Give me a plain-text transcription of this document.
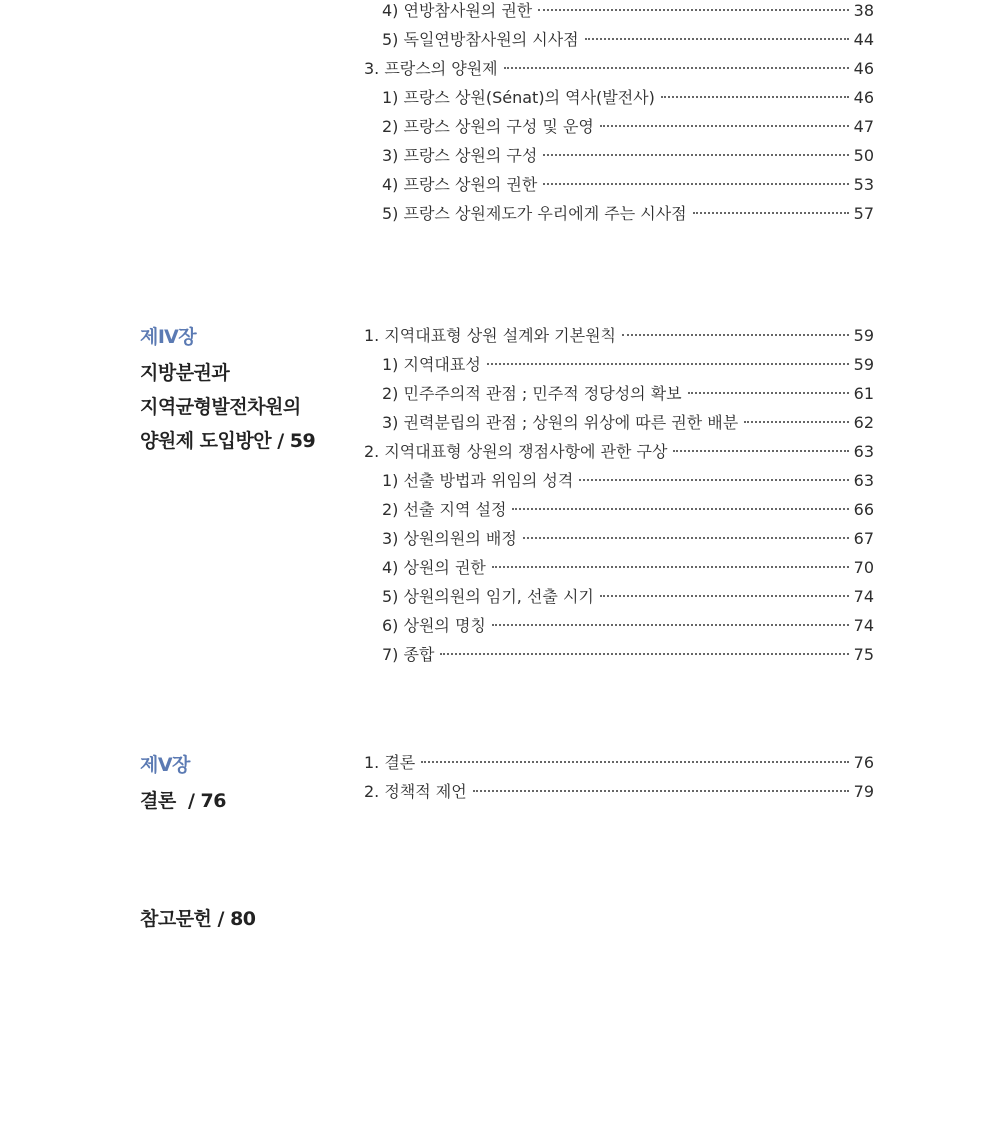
4) 연방참사원의 권한	38
5) 독일연방참사원의 시사점	44
3. 프랑스의 양원제	46
1) 프랑스 상원(Sénat)의 역사(발전사)	46
2) 프랑스 상원의 구성 및 운영	47
3) 프랑스 상원의 구성	50
4) 프랑스 상원의 권한	53
5) 프랑스 상원제도가 우리에게 주는 시사점	57
제Ⅳ장
지방분권과
지역균형발전차원의
양원제 도입방안 / 59
1. 지역대표형 상원 설계와 기본원칙	59
1) 지역대표성	59
2) 민주주의적 관점 ; 민주적 정당성의 확보	61
3) 권력분립의 관점 ; 상원의 위상에 따른 권한 배분	62
2. 지역대표형 상원의 쟁점사항에 관한 구상	63
1) 선출 방법과 위임의 성격	63
2) 선출 지역 설정	66
3) 상원의원의 배정	67
4) 상원의 권한	70
5) 상원의원의 임기, 선출 시기	74
6) 상원의 명칭	74
7) 종합	75
제Ⅴ장
결론  / 76
1. 결론	76
2. 정책적 제언	79
참고문헌 / 80
